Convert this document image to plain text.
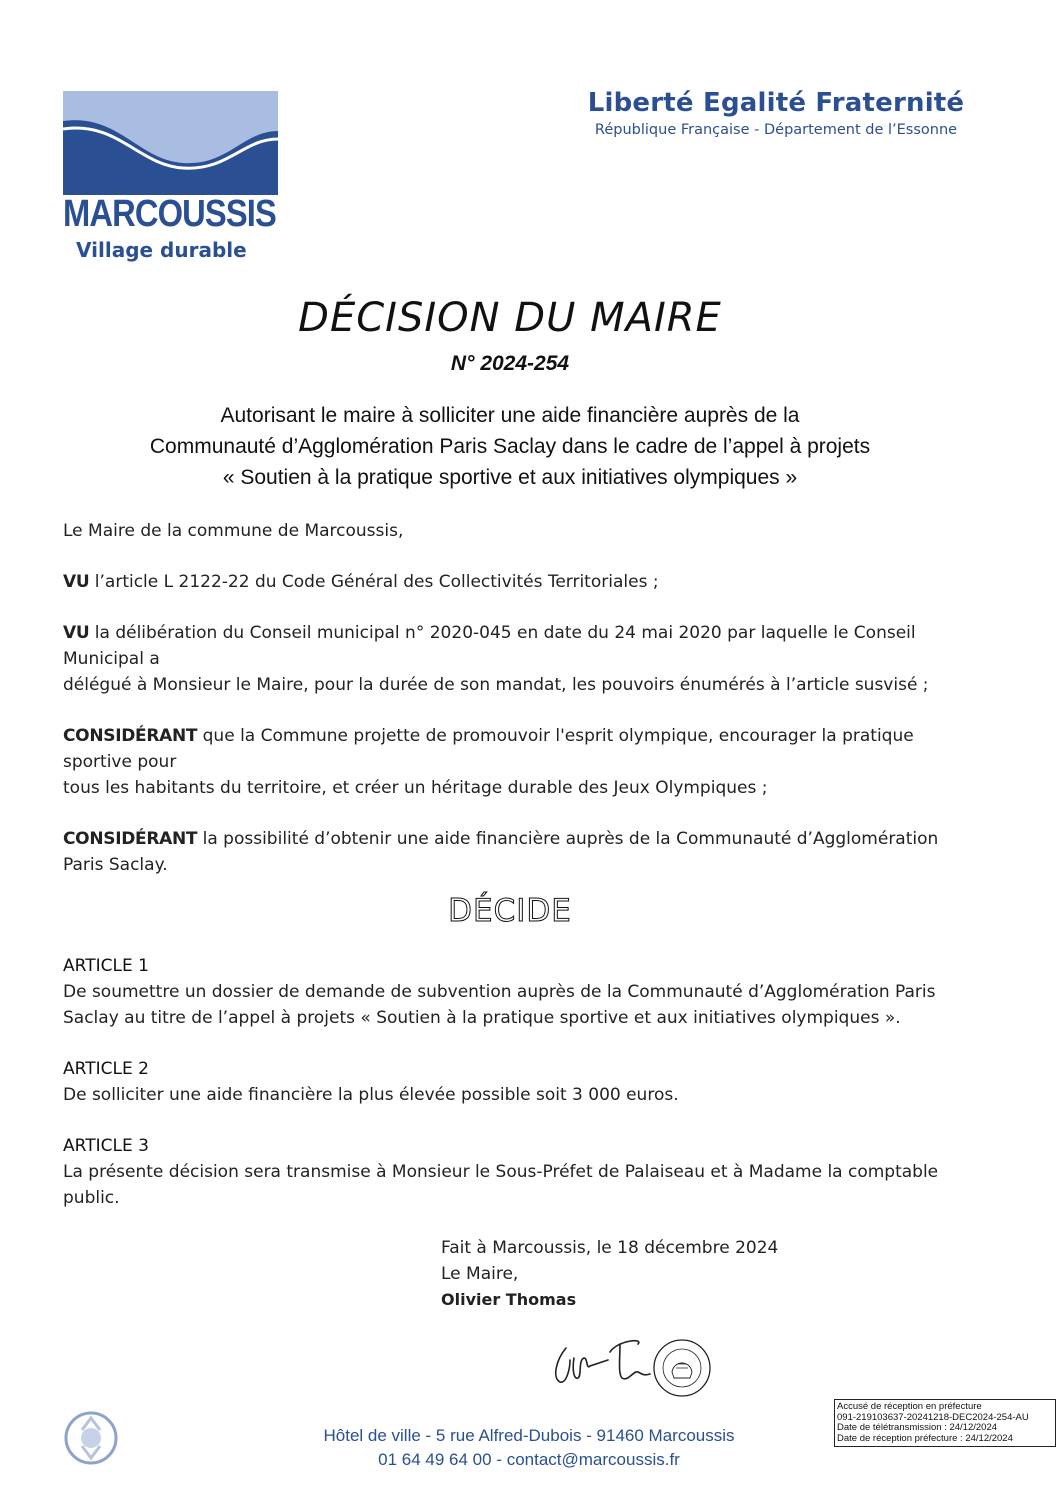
MARCOUSSIS
Village durable
Liberté Egalité Fraternité
République Française - Département de l’Essonne
DÉCISION DU MAIRE
N° 2024-254
Autorisant le maire à solliciter une aide financière auprès de la
Communauté d’Agglomération Paris Saclay dans le cadre de l’appel à projets
« Soutien à la pratique sportive et aux initiatives olympiques »

Le Maire de la commune de Marcoussis,

VU l’article L 2122-22 du Code Général des Collectivités Territoriales ;

VU la délibération du Conseil municipal n° 2020-045 en date du 24 mai 2020 par laquelle le Conseil
Municipal a
délégué à Monsieur le Maire, pour la durée de son mandat, les pouvoirs énumérés à l’article susvisé ;

CONSIDÉRANT que la Commune projette de promouvoir l'esprit olympique, encourager la pratique
sportive pour
tous les habitants du territoire, et créer un héritage durable des Jeux Olympiques ;

CONSIDÉRANT la possibilité d’obtenir une aide financière auprès de la Communauté d’Agglomération
Paris Saclay.

DÉCIDE

ARTICLE 1

De soumettre un dossier de demande de subvention auprès de la Communauté d’Agglomération Paris
Saclay au titre de l’appel à projets « Soutien à la pratique sportive et aux initiatives olympiques ».

ARTICLE 2

De solliciter une aide financière la plus élevée possible soit 3 000 euros.

ARTICLE 3

La présente décision sera transmise à Monsieur le Sous-Préfet de Palaiseau et à Madame la comptable
public.

Fait à Marcoussis, le 18 décembre 2024
Le Maire,
Olivier Thomas
Hôtel de ville - 5 rue Alfred-Dubois - 91460 Marcoussis
01 64 49 64 00 - contact@marcoussis.fr
Accusé de réception en préfecture
091-219103637-20241218-DEC2024-254-AU
Date de télétransmission : 24/12/2024
Date de réception préfecture : 24/12/2024
